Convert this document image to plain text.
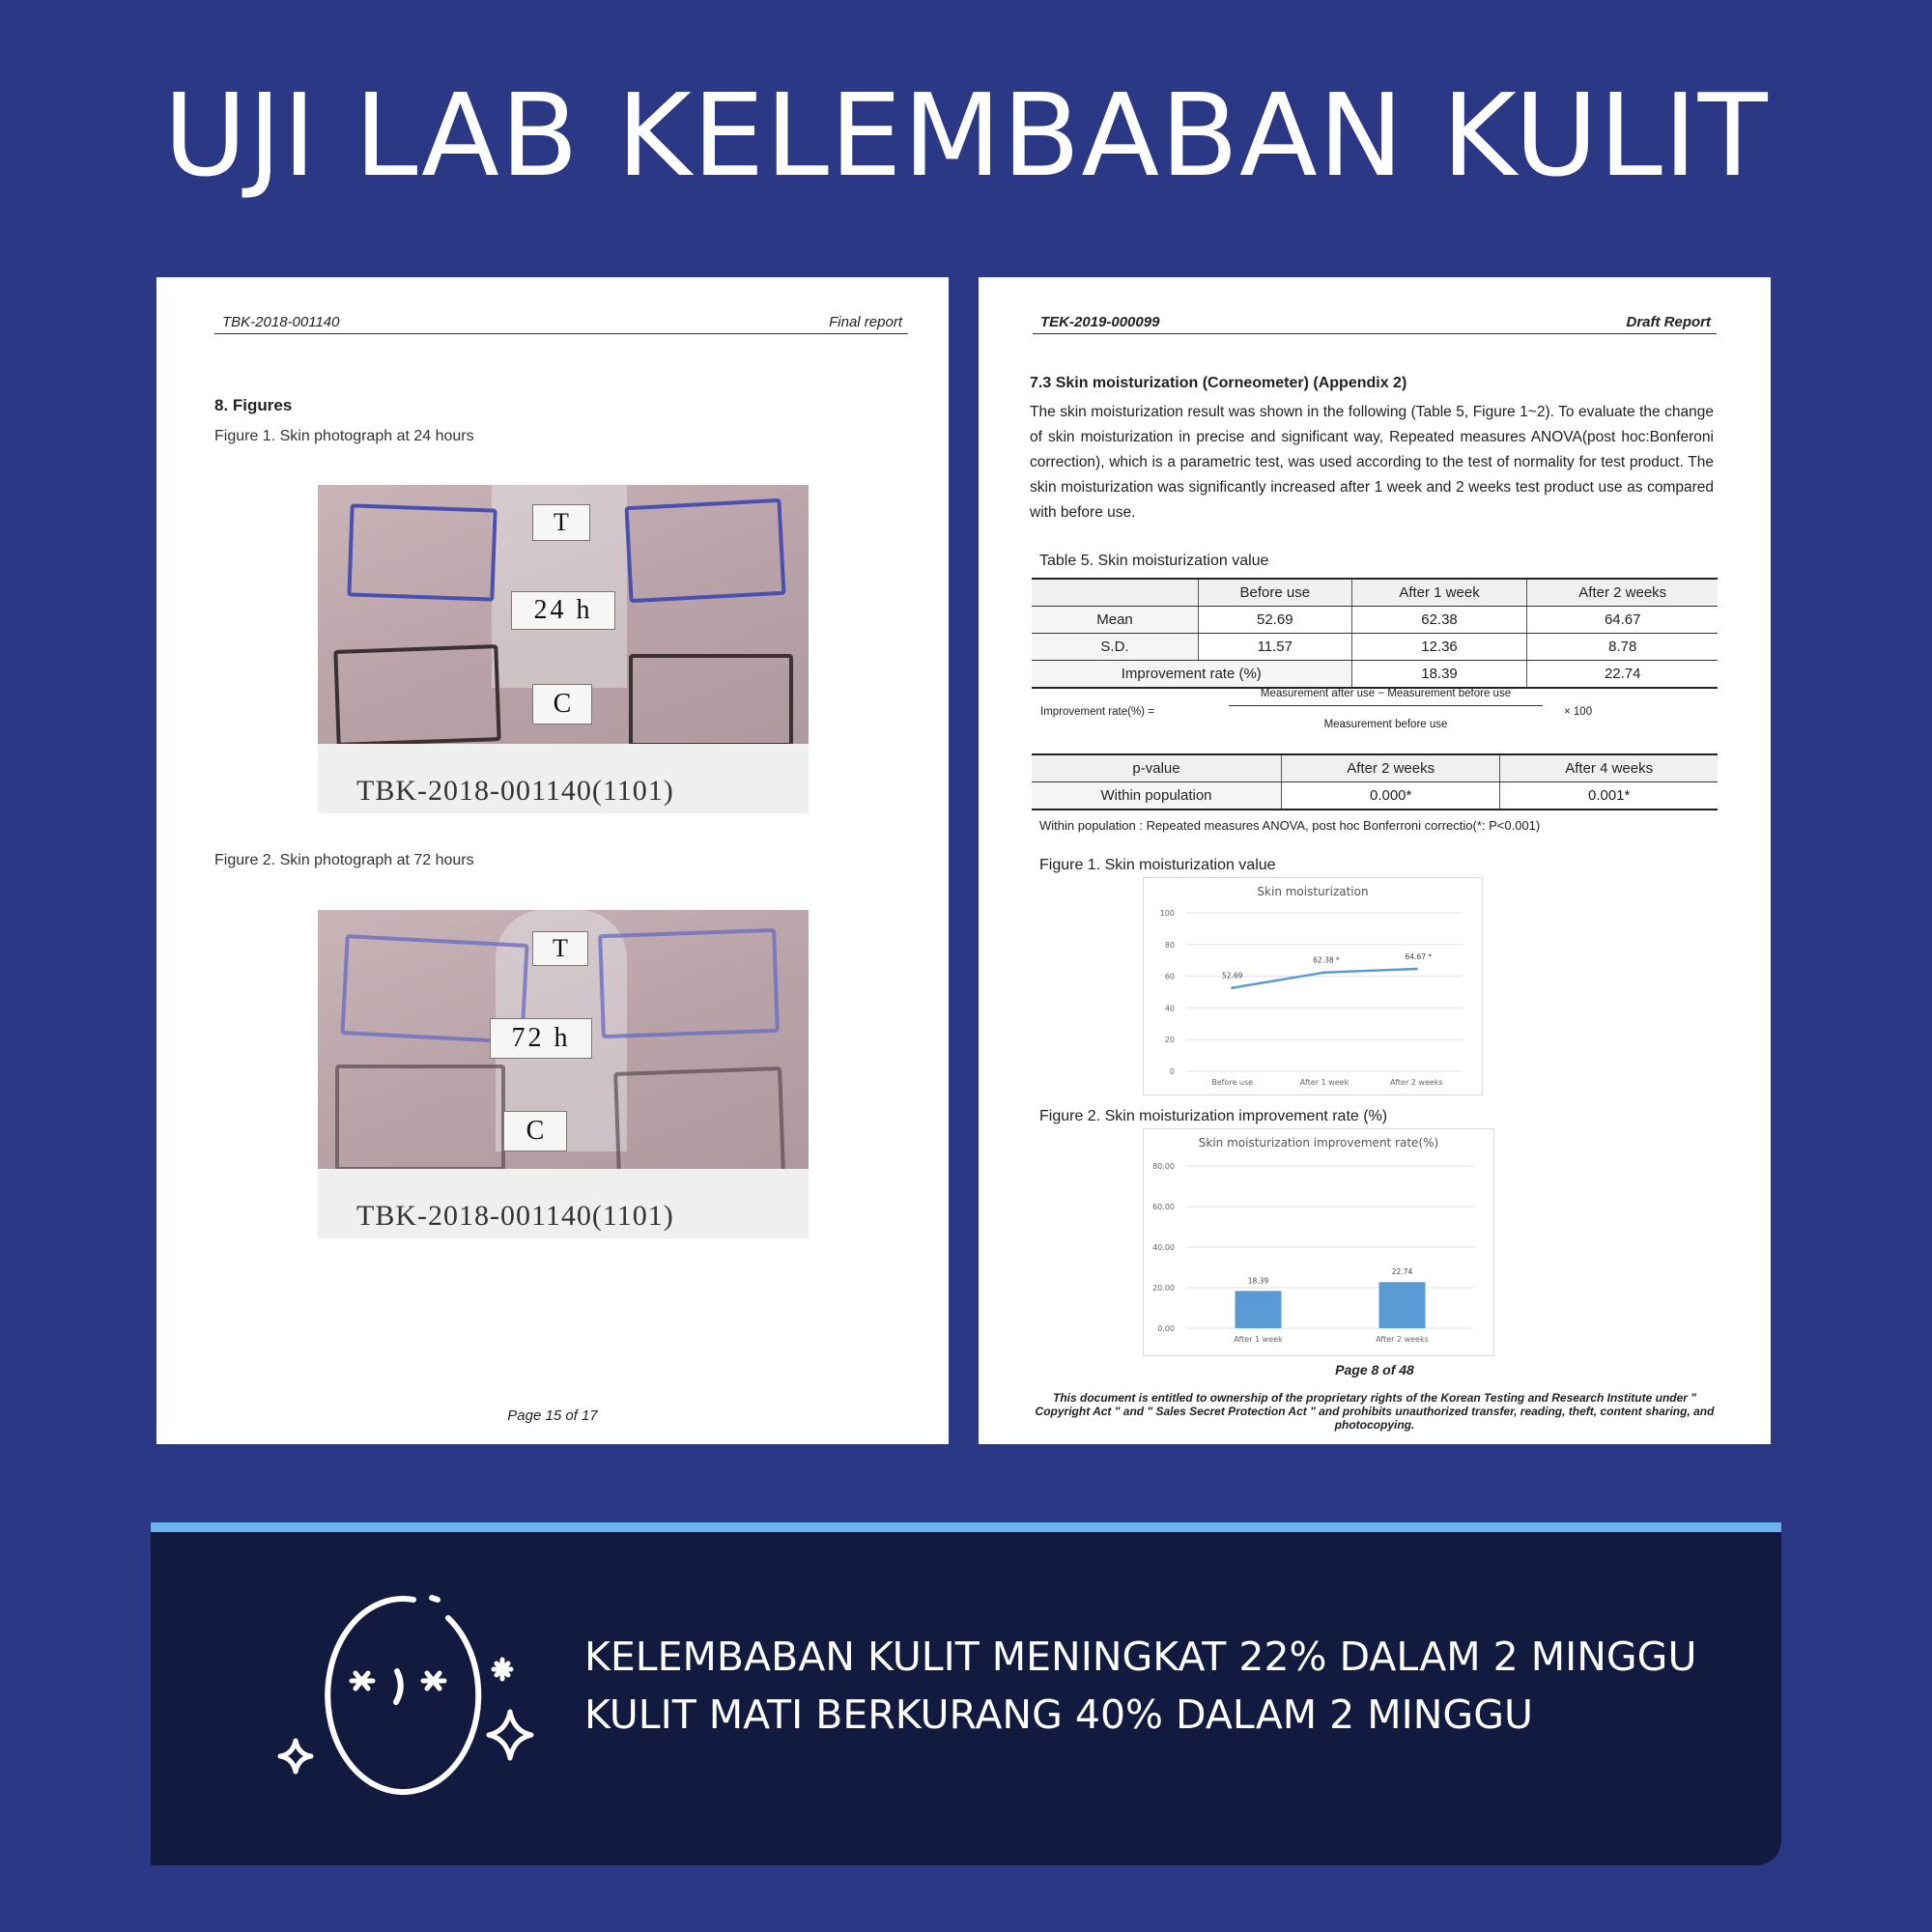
UJI LAB KELEMBABAN KULIT
TBK-2018-001140	Final report
8. Figures
Figure 1. Skin photograph at 24 hours
T
24 h
C
TBK-2018-001140(1101)
Figure 2. Skin photograph at 72 hours
T
72 h
C
TBK-2018-001140(1101)
Page 15 of 17
TEK-2019-000099	Draft Report
7.3 Skin moisturization (Corneometer) (Appendix 2)
The skin moisturization result was shown in the following (Table 5, Figure 1~2). To evaluate the change of skin moisturization in precise and significant way, Repeated measures ANOVA(post hoc:Bonferoni correction), which is a parametric test, was used according to the test of normality for test product. The skin moisturization was significantly increased after 1 week and 2 weeks test product use as compared with before use.
Table 5. Skin moisturization value
	Before use	After 1 week	After 2 weeks
Mean	52.69	62.38	64.67
S.D.	11.57	12.36	8.78
Improvement rate (%)		18.39	22.74
Improvement rate(%) =
Measurement after use − Measurement before use
Measurement before use
× 100
p-value	After 2 weeks	After 4 weeks
Within population	0.000*	0.001*
Within population : Repeated measures ANOVA, post hoc Bonferroni correctio(*: P<0.001)
Figure 1. Skin moisturization value
Skin moisturization
0
20
40
60
80
100
Before use	After 1 week	After 2 weeks
52.69
62.38 *	64.67 *
Figure 2. Skin moisturization improvement rate (%)
Skin moisturization improvement rate(%)
0.00
20.00
40.00
60.00
80.00
After 1 week	After 2 weeks
18.39
22.74
Page 8 of 48
This document is entitled to ownership of the proprietary rights of the Korean Testing and Research Institute under " Copyright Act " and " Sales Secret Protection Act " and prohibits unauthorized transfer, reading, theft, content sharing, and photocopying.
KELEMBABAN KULIT MENINGKAT 22% DALAM 2 MINGGU
KULIT MATI BERKURANG 40% DALAM 2 MINGGU
